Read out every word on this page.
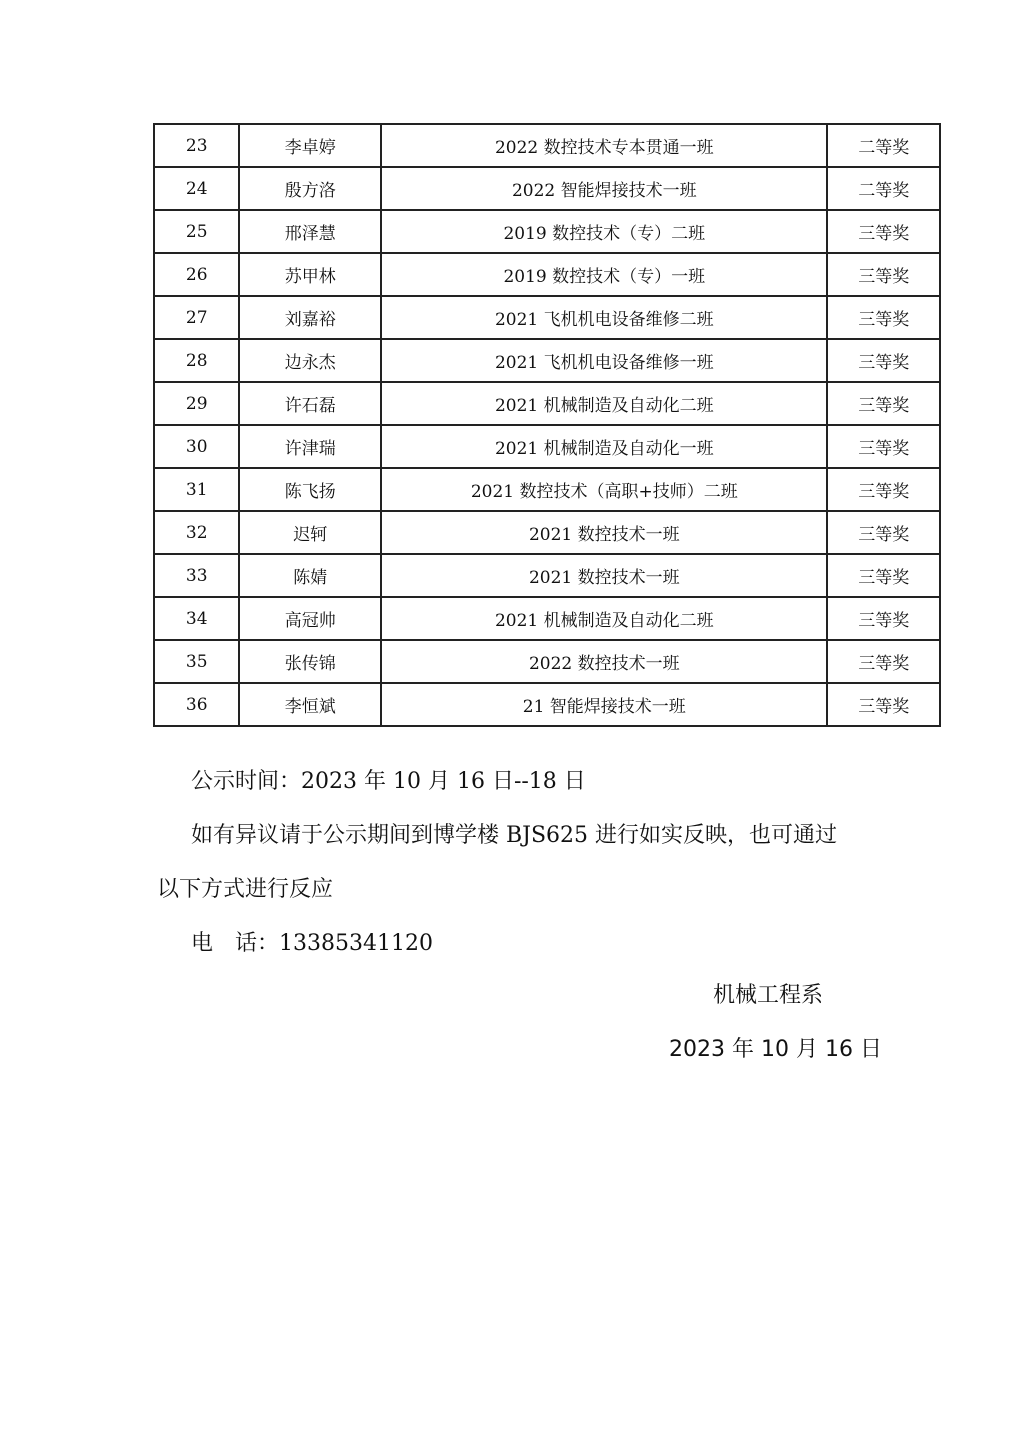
23	李卓婷	2022 数控技术专本贯通一班	二等奖
24	殷方洛	2022 智能焊接技术一班	二等奖
25	邢泽慧	2019 数控技术（专）二班	三等奖
26	苏甲林	2019 数控技术（专）一班	三等奖
27	刘嘉裕	2021 飞机机电设备维修二班	三等奖
28	边永杰	2021 飞机机电设备维修一班	三等奖
29	许石磊	2021 机械制造及自动化二班	三等奖
30	许津瑞	2021 机械制造及自动化一班	三等奖
31	陈飞扬	2021 数控技术（高职+技师）二班	三等奖
32	迟轲	2021 数控技术一班	三等奖
33	陈婧	2021 数控技术一班	三等奖
34	高冠帅	2021 机械制造及自动化二班	三等奖
35	张传锦	2022 数控技术一班	三等奖
36	李恒斌	21 智能焊接技术一班	三等奖
公示时间：2023 年 10 月 16 日--18 日
如有异议请于公示期间到博学楼 BJS625 进行如实反映，也可通过
以下方式进行反应
电　话：13385341120
机械工程系
2023 年 10 月 16 日
